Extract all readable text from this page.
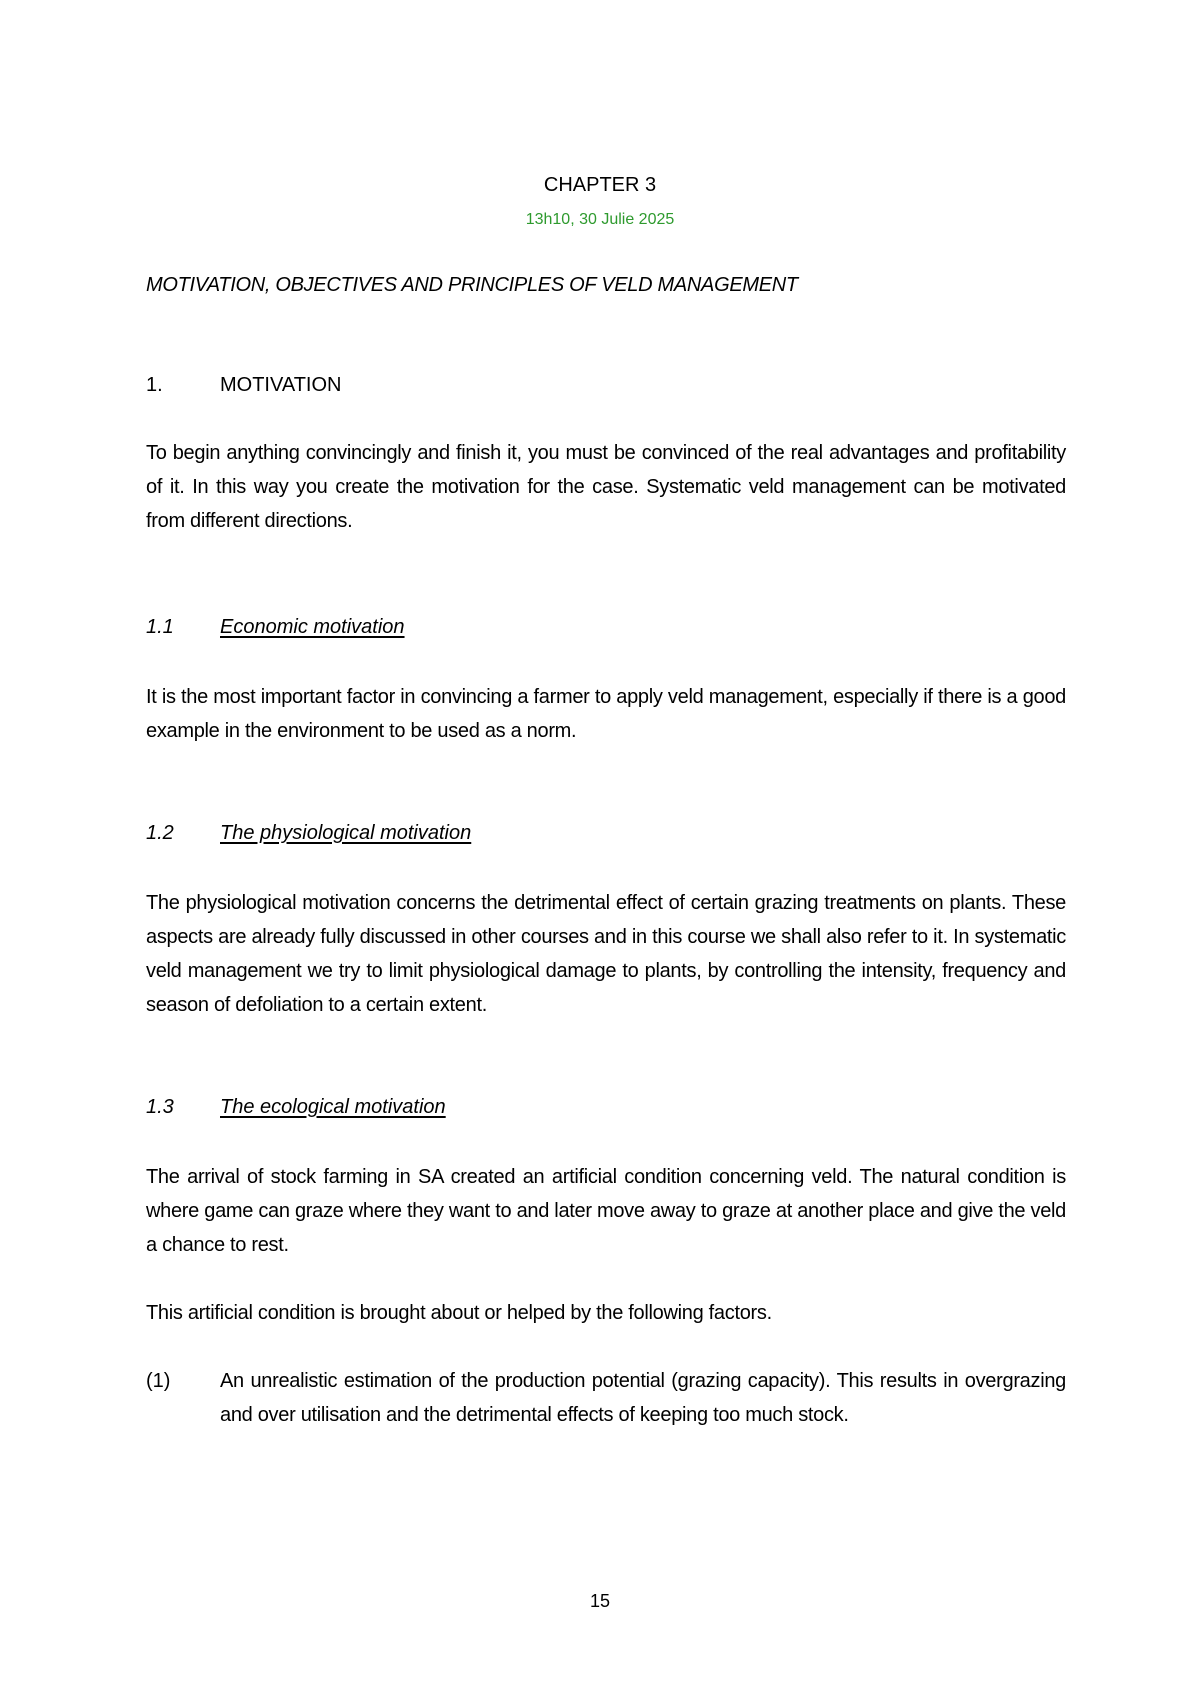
CHAPTER 3

13h10, 30 Julie 2025

MOTIVATION, OBJECTIVES AND PRINCIPLES OF VELD MANAGEMENT

1.	MOTIVATION

To begin anything convincingly and finish it, you must be convinced of the real advantages and profitability of it. In this way you create the motivation for the case. Systematic veld management can be motivated from different directions.

1.1 Economic motivation

It is the most important factor in convincing a farmer to apply veld management, especially if there is a good example in the environment to be used as a norm.

1.2 The physiological motivation

The physiological motivation concerns the detrimental effect of certain grazing treatments on plants. These aspects are already fully discussed in other courses and in this course we shall also refer to it. In systematic veld management we try to limit physiological damage to plants, by controlling the intensity, frequency and season of defoliation to a certain extent.

1.3 The ecological motivation

The arrival of stock farming in SA created an artificial condition concerning veld. The natural condition is where game can graze where they want to and later move away to graze at another place and give the veld a chance to rest.

This artificial condition is brought about or helped by the following factors.

(1) An unrealistic estimation of the production potential (grazing capacity). This results in overgrazing and over utilisation and the detrimental effects of keeping too much stock.

15
